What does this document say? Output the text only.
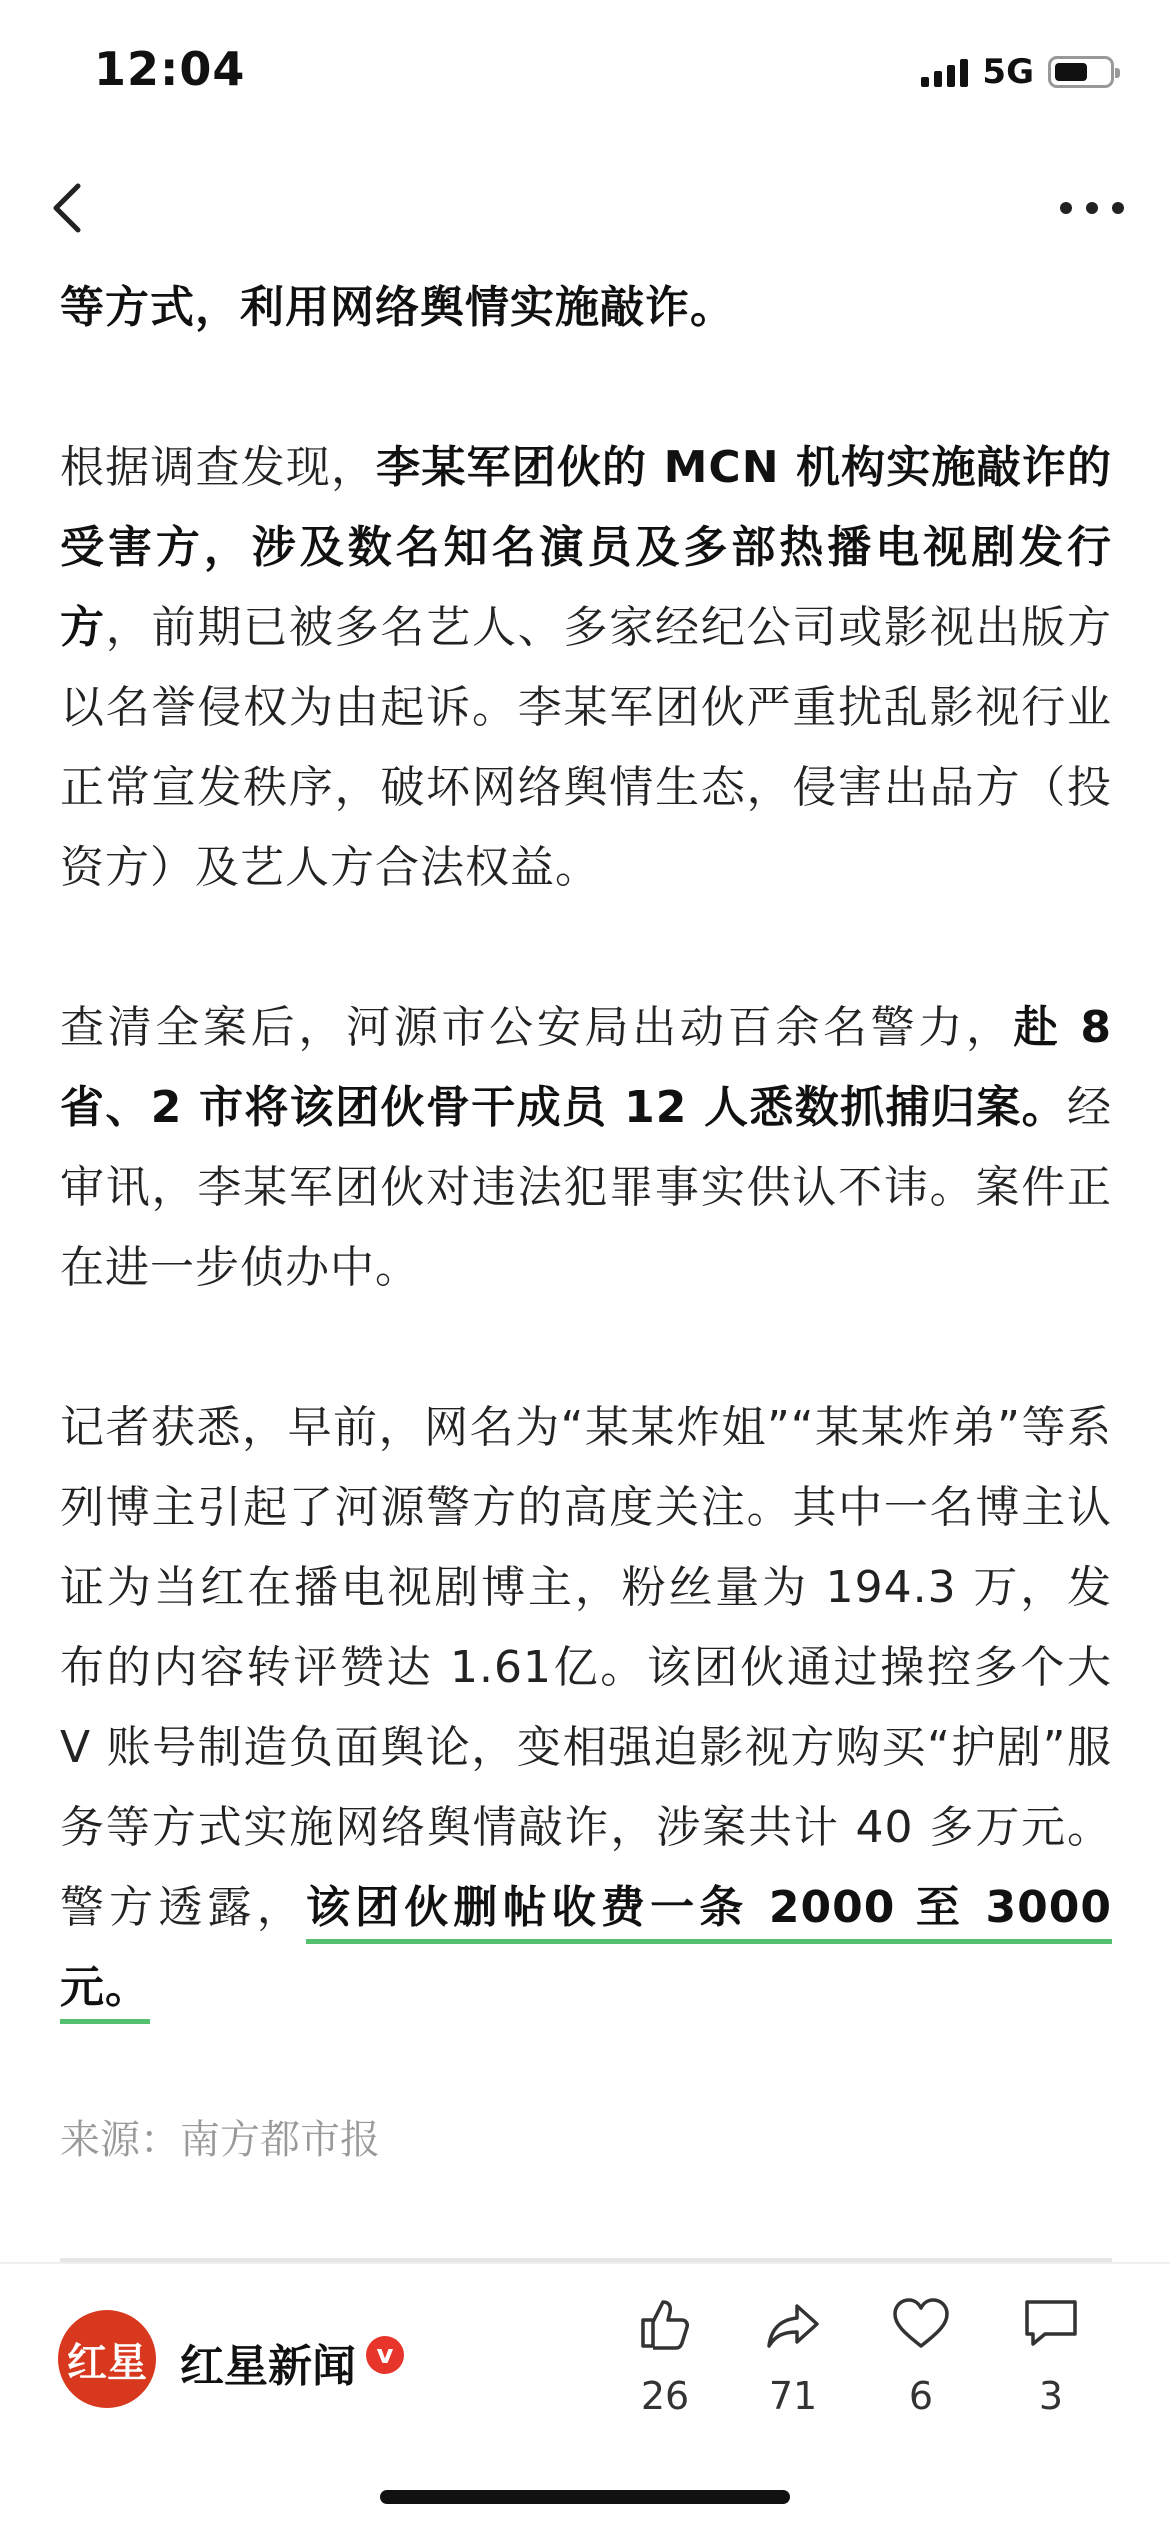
12:04	5G

等方式，利用网络舆情实施敲诈。

根据调查发现，李某军团伙的 MCN 机构实施敲诈的受害方，涉及数名知名演员及多部热播电视剧发行方，前期已被多名艺人、多家经纪公司或影视出版方以名誉侵权为由起诉。李某军团伙严重扰乱影视行业正常宣发秩序，破坏网络舆情生态，侵害出品方（投资方）及艺人方合法权益。

查清全案后，河源市公安局出动百余名警力，赴 8 省、2 市将该团伙骨干成员 12 人悉数抓捕归案。经审讯，李某军团伙对违法犯罪事实供认不讳。案件正在进一步侦办中。

记者获悉，早前，网名为“某某炸姐”“某某炸弟”等系列博主引起了河源警方的高度关注。其中一名博主认证为当红在播电视剧博主，粉丝量为 194.3 万，发布的内容转评赞达 1.61亿。该团伙通过操控多个大 V 账号制造负面舆论，变相强迫影视方购买“护剧”服务等方式实施网络舆情敲诈，涉案共计 40 多万元。警方透露，该团伙删帖收费一条 2000 至 3000 元。

来源：南方都市报
红星 红星新闻 v
26	71	6	3
